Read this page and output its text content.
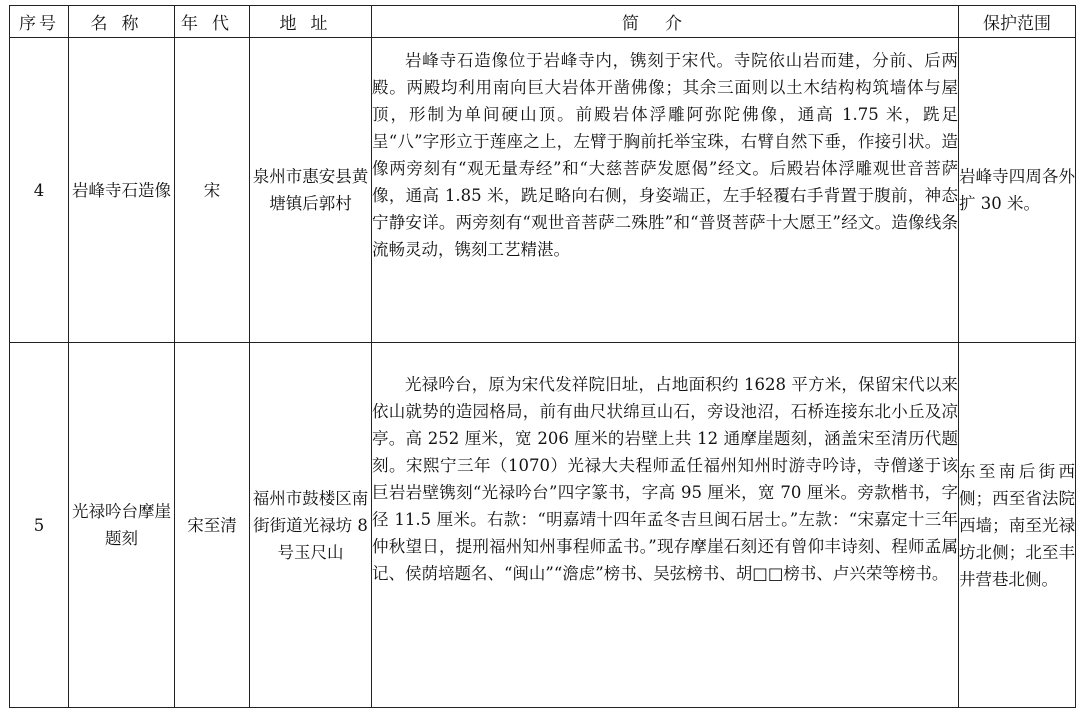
序号	名称	年代	地址	简介	保护范围
4	岩峰寺石造像	宋	泉州市惠安县黄塘镇后郭村	岩峰寺石造像位于岩峰寺内，镌刻于宋代。寺院依山岩而建，分前、后两殿。两殿均利用南向巨大岩体开凿佛像；其余三面则以土木结构构筑墙体与屋顶，形制为单间硬山顶。前殿岩体浮雕阿弥陀佛像，通高 1.75 米，跣足呈“八”字形立于莲座之上，左臂于胸前托举宝珠，右臂自然下垂，作接引状。造像两旁刻有“观无量寿经”和“大慈菩萨发愿偈”经文。后殿岩体浮雕观世音菩萨像，通高 1.85 米，跣足略向右侧，身姿端正，左手轻覆右手背置于腹前，神态宁静安详。两旁刻有“观世音菩萨二殊胜”和“普贤菩萨十大愿王”经文。造像线条流畅灵动，镌刻工艺精湛。	岩峰寺四周各外扩 30 米。
5	光禄吟台摩崖题刻	宋至清	福州市鼓楼区南街街道光禄坊 8 号玉尺山	光禄吟台，原为宋代发祥院旧址，占地面积约 1628 平方米，保留宋代以来依山就势的造园格局，前有曲尺状绵亘山石，旁设池沼，石桥连接东北小丘及凉亭。高 252 厘米，宽 206 厘米的岩壁上共 12 通摩崖题刻，涵盖宋至清历代题刻。宋熙宁三年（1070）光禄大夫程师孟任福州知州时游寺吟诗，寺僧遂于该巨岩岩壁镌刻“光禄吟台”四字篆书，字高 95 厘米，宽 70 厘米。旁款楷书，字径 11.5 厘米。右款：“明嘉靖十四年孟冬吉旦闽石居士。”左款：“宋嘉定十三年仲秋望日，提刑福州知州事程师孟书。”现存摩崖石刻还有曾仰丰诗刻、程师孟属记、侯荫培题名、“闽山”“澹虑”榜书、吴弦榜书、胡□□榜书、卢兴荣等榜书。	东至南后街西侧；西至省法院西墙；南至光禄坊北侧；北至丰井营巷北侧。
